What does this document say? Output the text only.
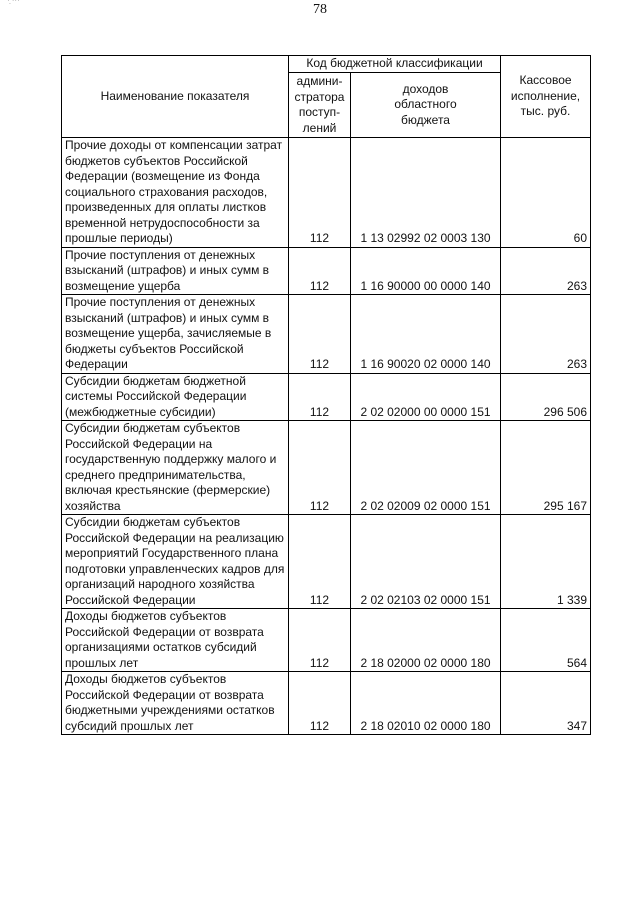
'. ' ' '	78
Наименование показателя	Код бюджетной классификации		Кассовое
исполнение,
тыс. руб.
	админи-
стратора
поступ-
лений	доходов
областного
бюджета	
Прочие доходы от компенсации затрат бюджетов субъектов Российской Федерации (возмещение из Фонда социального страхования расходов, произведенных для оплаты листков временной нетрудоспособности за прошлые периоды)	112	1 13 02992 02 0003 130	60
Прочие поступления от денежных взысканий (штрафов) и иных сумм в возмещение ущерба	112	1 16 90000 00 0000 140	263
Прочие поступления от денежных взысканий (штрафов) и иных сумм в возмещение ущерба, зачисляемые в бюджеты субъектов Российской Федерации	112	1 16 90020 02 0000 140	263
Субсидии бюджетам бюджетной системы Российской Федерации (межбюджетные субсидии)	112	2 02 02000 00 0000 151	296 506
Субсидии бюджетам субъектов Российской Федерации на государственную поддержку малого и среднего предпринимательства, включая крестьянские (фермерские) хозяйства	112	2 02 02009 02 0000 151	295 167
Субсидии бюджетам субъектов Российской Федерации на реализацию мероприятий Государственного плана подготовки управленческих кадров для организаций народного хозяйства Российской Федерации	112	2 02 02103 02 0000 151	1 339
Доходы бюджетов субъектов Российской Федерации от возврата организациями остатков субсидий прошлых лет	112	2 18 02000 02 0000 180	564
Доходы бюджетов субъектов Российской Федерации от возврата бюджетными учреждениями остатков субсидий прошлых лет	112	2 18 02010 02 0000 180	347
